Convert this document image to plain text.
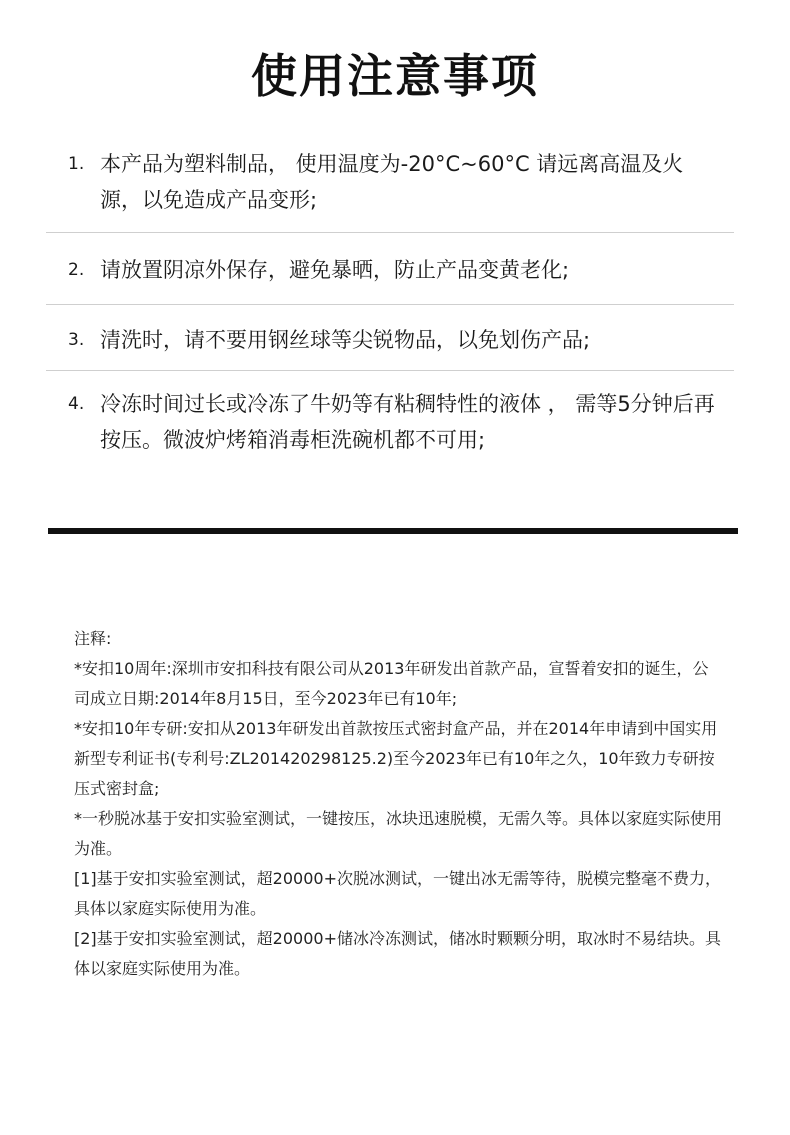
使用注意事项
1. 本产品为塑料制品， 使用温度为-20°C~60°C 请远离高温及火源，以免造成产品变形;
2. 请放置阴凉外保存，避免暴晒，防止产品变黄老化;
3. 清洗时，请不要用钢丝球等尖锐物品，以免划伤产品;
4. 冷冻时间过长或冷冻了牛奶等有粘稠特性的液体 ， 需等5分钟后再按压。微波炉烤箱消毒柜洗碗机都不可用;

注释:

*安扣10周年:深圳市安扣科技有限公司从2013年研发出首款产品，宣誓着安扣的诞生，公司成立日期:2014年8月15日，至今2023年已有10年;

*安扣10年专研:安扣从2013年研发出首款按压式密封盒产品，并在2014年申请到中国实用新型专利证书(专利号:ZL201420298125.2)至今2023年已有10年之久，10年致力专研按压式密封盒;

*一秒脱冰基于安扣实验室测试，一键按压，冰块迅速脱模，无需久等。具体以家庭实际使用为准。

[1]基于安扣实验室测试，超20000+次脱冰测试，一键出冰无需等待，脱模完整毫不费力，具体以家庭实际使用为准。

[2]基于安扣实验室测试，超20000+储冰冷冻测试，储冰时颗颗分明，取冰时不易结块。具体以家庭实际使用为准。
